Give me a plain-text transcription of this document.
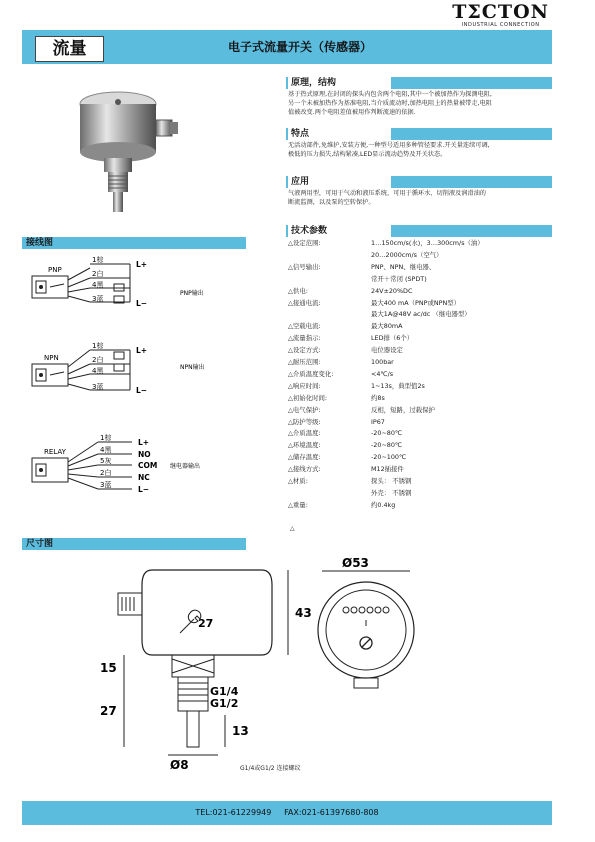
TΣCTON
INDUSTRIAL CONNECTION
流量	电子式流量开关（传感器）
原理，结构
基于热式原理,在封闭的探头内包含两个电阻,其中一个被加热作为探测电阻,
另一个未被加热作为基准电阻,当介质流动时,加热电阻上的热量被带走,电阻
值被改变.两个电阻差值被用作判断流速的依据.
特点
无活动部件,免维护,安装方便,一种型号适用多种管径要求.开关量连续可调,
极低的压力损失,结构紧凑,LED显示流动趋势及开关状态。
应用
气液两用型，可用于气动和液压系统，可用于循环水、切削液及润滑油的
断流监测，以及泵的空转保护。
技术参数
△设定范围:	1…150cm/s(水)，3…300cm/s（油）
20…2000cm/s（空气）
△信号输出:	PNP、NPN、继电器、
常开＋常闭 (SPDT)
△供电:	24V±20%DC
△接通电流:	最大400 mA（PNP或NPN型）
最大1A@48V ac/dc （继电器型）
△空载电流:	最大80mA
△流量指示:	LED排（6个）
△设定方式:	电位器设定
△耐压范围:	100bar
△介质温度变化:	<4℃/s
△响应时间:	1~13s，典型值2s
△初始化时间:	约8s
△电气保护:	反相，短路，过载保护
△防护等级:	IP67
△介质温度:	-20~80℃
△环境温度:	-20~80℃
△储存温度:	-20~100℃
△接线方式:	M12插接件
△材质:	探头： 不锈钢
外壳： 不锈钢
△重量:	约0.4kg
△
接线图
PNP
1棕
2白
4黑
3蓝
L+
L−
PNP输出
NPN
1棕
2白
4黑
3蓝
L+
L−
NPN输出
RELAY
1棕
4黑
5灰
2白
3蓝
L+
NO
COM
NC
L−
继电器输出
尺寸图
27
G1/4
G1/2
43
15
27
13
Ø8
Ø53
G1/4或G1/2 连接螺纹
TEL:021-61229949 FAX:021-61397680-808
